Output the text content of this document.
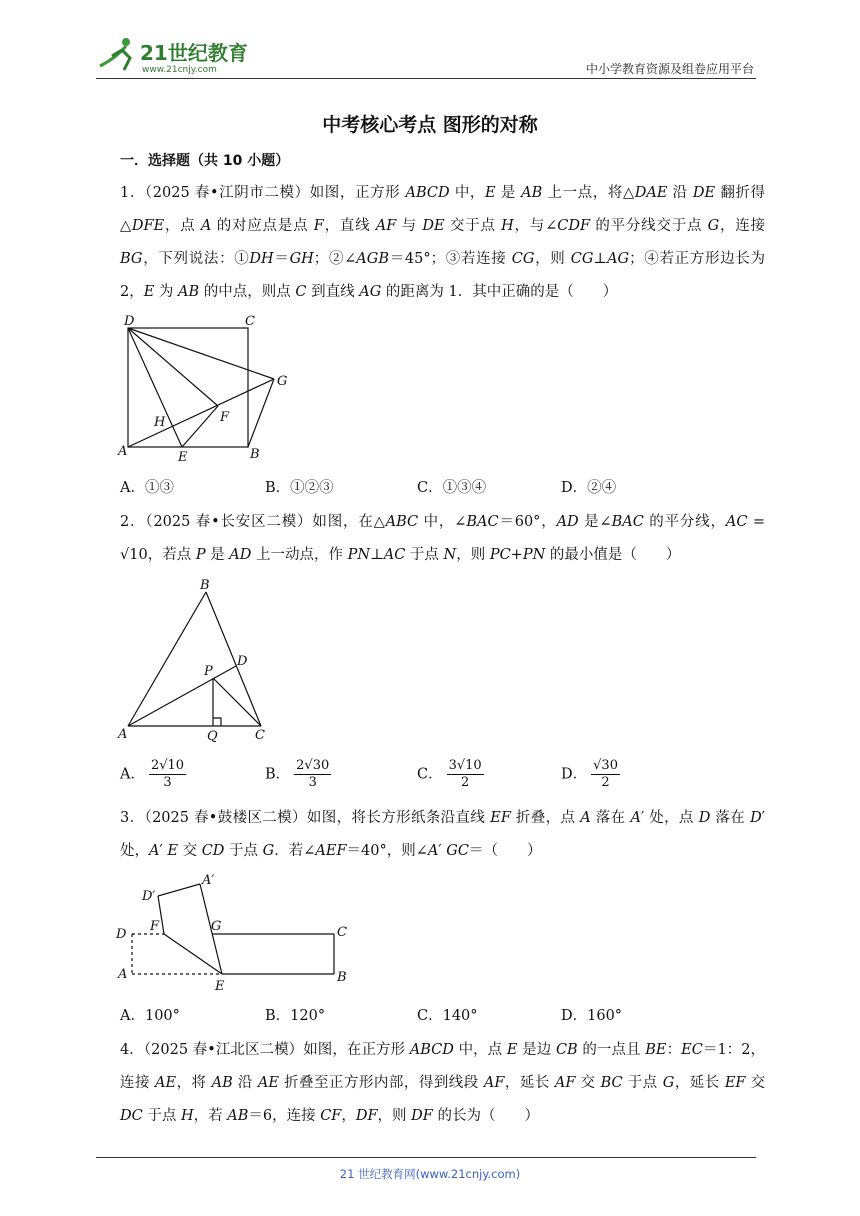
21世纪教育
www.21cnjy.com	中小学教育资源及组卷应用平台
中考核心考点 图形的对称
一．选择题（共 10 小题）
1．（2025 春•江阴市二模）如图，正方形 ABCD 中，E 是 AB 上一点，将△DAE 沿 DE 翻折得△DFE，点 A 的对应点是点 F，直线 AF 与 DE 交于点 H，与∠CDF 的平分线交于点 G，连接 BG，下列说法：①DH＝GH；②∠AGB＝45°；③若连接 CG，则 CG⊥AG；④若正方形边长为 2，E 为 AB 的中点，则点 C 到直线 AG 的距离为 1．其中正确的是（　　）
D	C
G
H	F
A	E	B
A．①③	B．①②③	C．①③④	D．②④
2．（2025 春•长安区二模）如图，在△ABC 中，∠BAC＝60°，AD 是∠BAC 的平分线，AC = √10，若点 P 是 AD 上一动点，作 PN⊥AC 于点 N，则 PC+PN 的最小值是（　　）
B
D
P
A	Q	C
A． $\frac{2√10}{3}$	B． $\frac{2√30}{3}$	C． $\frac{3√10}{2}$	D． $\frac{√30}{2}$
3．（2025 春•鼓楼区二模）如图，将长方形纸条沿直线 EF 折叠，点 A 落在 A′ 处，点 D 落在 D′ 处，A′ E 交 CD 于点 G．若∠AEF＝40°，则∠A′ GC＝（　　）
D′
A′
F	G
D	C
A
E
B
A．100°	B．120°	C．140°	D．160°
4．（2025 春•江北区二模）如图，在正方形 ABCD 中，点 E 是边 CB 的一点且 BE：EC＝1：2，连接 AE，将 AB 沿 AE 折叠至正方形内部，得到线段 AF，延长 AF 交 BC 于点 G，延长 EF 交 DC 于点 H，若 AB＝6，连接 CF，DF，则 DF 的长为（　　）
21 世纪教育网(www.21cnjy.com)
